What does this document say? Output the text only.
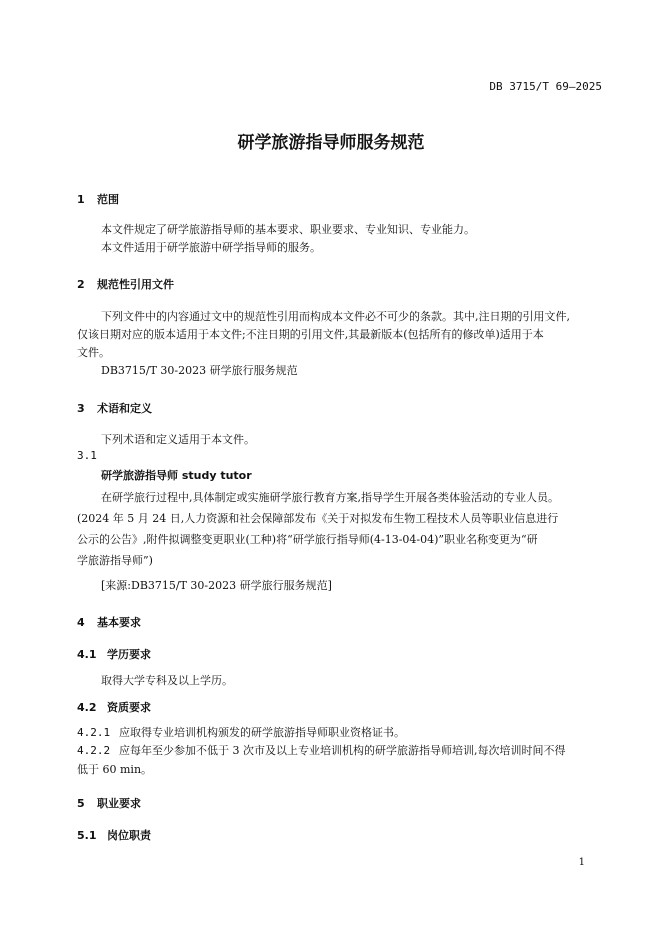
DB 3715/T 69—2025
研学旅游指导师服务规范
1 范围
本文件规定了研学旅游指导师的基本要求、职业要求、专业知识、专业能力。
本文件适用于研学旅游中研学指导师的服务。
2 规范性引用文件
下列文件中的内容通过文中的规范性引用而构成本文件必不可少的条款。其中,注日期的引用文件,
仅该日期对应的版本适用于本文件;不注日期的引用文件,其最新版本(包括所有的修改单)适用于本
文件。
DB3715/T 30-2023 研学旅行服务规范
3 术语和定义
下列术语和定义适用于本文件。
3.1
研学旅游指导师 study tutor
在研学旅行过程中,具体制定或实施研学旅行教育方案,指导学生开展各类体验活动的专业人员。
(2024 年 5 月 24 日,人力资源和社会保障部发布《关于对拟发布生物工程技术人员等职业信息进行
公示的公告》,附件拟调整变更职业(工种)将“研学旅行指导师(4-13-04-04)”职业名称变更为“研
学旅游指导师”)
[来源:DB3715/T 30-2023 研学旅行服务规范]
4 基本要求
4.1 学历要求
取得大学专科及以上学历。
4.2 资质要求
4.2.1 应取得专业培训机构颁发的研学旅游指导师职业资格证书。
4.2.2 应每年至少参加不低于 3 次市及以上专业培训机构的研学旅游指导师培训,每次培训时间不得
低于 60 min。
5 职业要求
5.1 岗位职责
1
